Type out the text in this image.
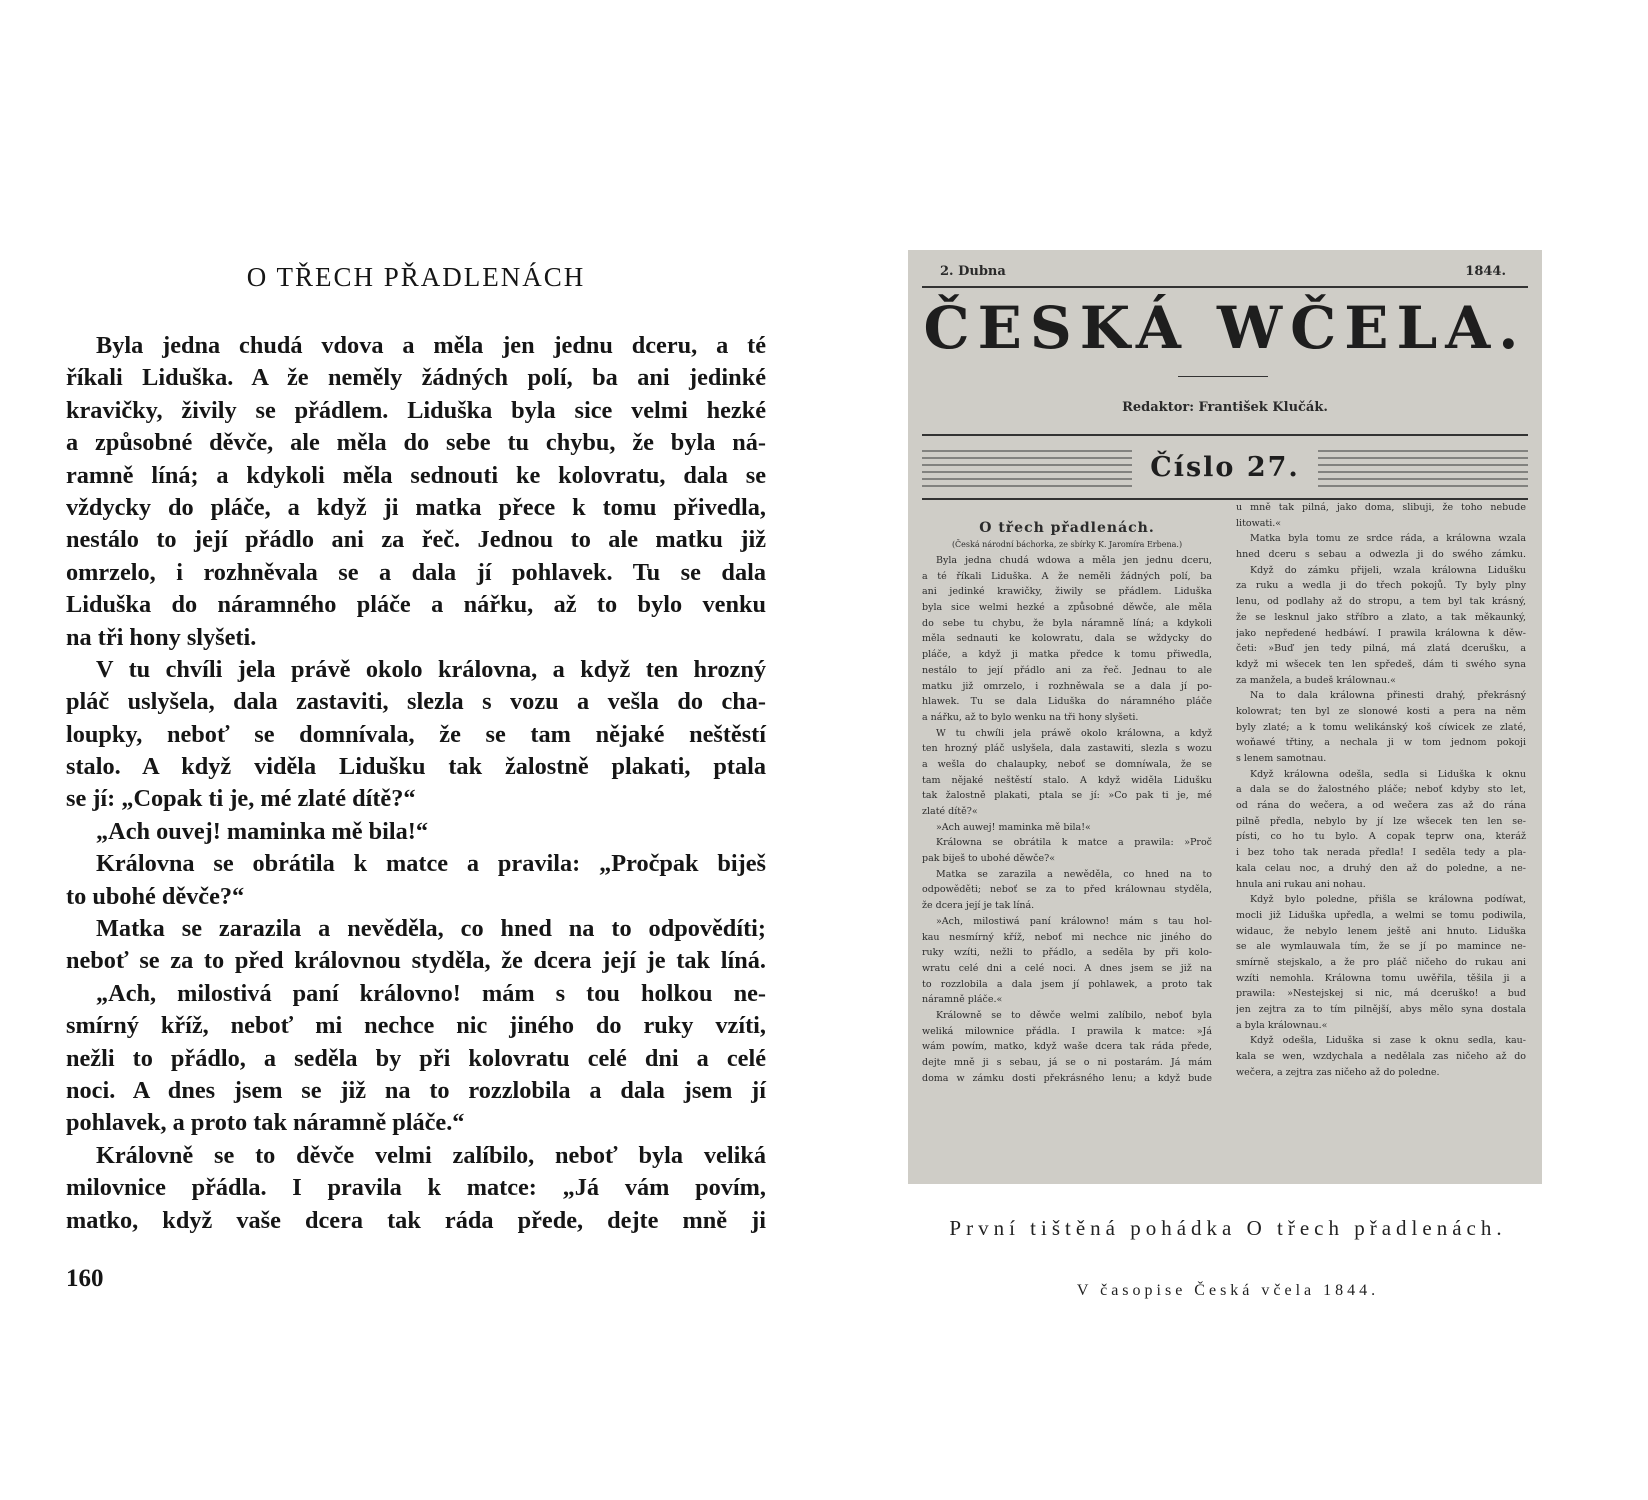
O TŘECH PŘADLENÁCH
Byla jedna chudá vdova a měla jen jednu dceru, a té
říkali Liduška. A že neměly žádných polí, ba ani jedinké
kravičky, živily se přádlem. Liduška byla sice velmi hezké
a způsobné děvče, ale měla do sebe tu chybu, že byla ná-
ramně líná; a kdykoli měla sednouti ke kolovratu, dala se
vždycky do pláče, a když ji matka přece k tomu přivedla,
nestálo to její přádlo ani za řeč. Jednou to ale matku již
omrzelo, i rozhněvala se a dala jí pohlavek. Tu se dala
Liduška do náramného pláče a nářku, až to bylo venku
na tři hony slyšeti.
V tu chvíli jela právě okolo královna, a když ten hrozný
pláč uslyšela, dala zastaviti, slezla s vozu a vešla do cha-
loupky, neboť se domnívala, že se tam nějaké neštěstí
stalo. A když viděla Lidušku tak žalostně plakati, ptala
se jí: „Copak ti je, mé zlaté dítě?“
„Ach ouvej! maminka mě bila!“
Královna se obrátila k matce a pravila: „Pročpak biješ
to ubohé děvče?“
Matka se zarazila a nevěděla, co hned na to odpovědíti;
neboť se za to před královnou styděla, že dcera její je tak líná.
„Ach, milostivá paní královno! mám s tou holkou ne-
smírný kříž, neboť mi nechce nic jiného do ruky vzíti,
nežli to přádlo, a seděla by při kolovratu celé dni a celé
noci. A dnes jsem se již na to rozzlobila a dala jsem jí
pohlavek, a proto tak náramně pláče.“
Královně se to děvče velmi zalíbilo, neboť byla veliká
milovnice přádla. I pravila k matce: „Já vám povím,
matko, když vaše dcera tak ráda přede, dejte mně ji
160
2. Dubna	1844.
ČESKÁ WČELA.
Redaktor: František Klučák.
Číslo 27.
O třech přadlenách.
(Česká národní báchorka, ze sbírky K. Jaromíra Erbena.)
Byla jedna chudá wdowa a měla jen jednu dceru,
a té říkali Liduška. A že neměli žádných polí, ba
ani jedinké krawičky, žiwily se přádlem. Liduška
byla sice welmi hezké a způsobné děwče, ale měla
do sebe tu chybu, že byla náramně líná; a kdykoli
měla sednauti ke kolowratu, dala se wždycky do
pláče, a když ji matka předce k tomu přiwedla,
nestálo to její přádlo ani za řeč. Jednau to ale
matku již omrzelo, i rozhněwala se a dala jí po-
hlawek. Tu se dala Liduška do náramného pláče
a nářku, až to bylo wenku na tři hony slyšeti.
W tu chwíli jela práwě okolo králowna, a když
ten hrozný pláč uslyšela, dala zastawiti, slezla s wozu
a wešla do chalaupky, neboť se domníwala, že se
tam nějaké neštěstí stalo. A když widěla Lidušku
tak žalostně plakati, ptala se jí: »Co pak ti je, mé
zlaté dítě?«
»Ach auwej! maminka mě bila!«
Králowna se obrátila k matce a prawila: »Proč
pak biješ to ubohé děwče?«
Matka se zarazila a newěděla, co hned na to
odpowěděti; neboť se za to před králownau styděla,
že dcera její je tak líná.
»Ach, milostiwá paní králowno! mám s tau hol-
kau nesmírný kříž, neboť mi nechce nic jiného do
ruky wzíti, nežli to přádlo, a seděla by při kolo-
wratu celé dni a celé noci. A dnes jsem se již na
to rozzlobila a dala jsem jí pohlawek, a proto tak
náramně pláče.«
Králowně se to děwče welmi zalíbilo, neboť byla
weliká milownice přádla. I prawila k matce: »Já
wám powím, matko, když waše dcera tak ráda přede,
dejte mně ji s sebau, já se o ni postarám. Já mám
doma w zámku dosti překrásného lenu; a když bude
u mně tak pilná, jako doma, slibuji, že toho nebude
litowati.«
Matka byla tomu ze srdce ráda, a králowna wzala
hned dceru s sebau a odwezla ji do swého zámku.
Když do zámku přijeli, wzala králowna Lidušku
za ruku a wedla ji do třech pokojů. Ty byly plny
lenu, od podlahy až do stropu, a tem byl tak krásný,
že se lesknul jako stříbro a zlato, a tak měkaunký,
jako nepředené hedbáwí. I prawila králowna k děw-
četi: »Buď jen tedy pilná, má zlatá dcerušku, a
když mi wšecek ten len spředeš, dám ti swého syna
za manžela, a budeš králownau.«
Na to dala králowna přinesti drahý, překrásný
kolowrat; ten byl ze slonowé kosti a pera na něm
byly zlaté; a k tomu welikánský koš cíwicek ze zlaté,
woňawé třtiny, a nechala ji w tom jednom pokoji
s lenem samotnau.
Když králowna odešla, sedla si Liduška k oknu
a dala se do žalostného pláče; neboť kdyby sto let,
od rána do wečera, a od wečera zas až do rána
pilně předla, nebylo by jí lze wšecek ten len se-
písti, co ho tu bylo. A copak teprw ona, kteráž
i bez toho tak nerada předla! I seděla tedy a pla-
kala celau noc, a druhý den až do poledne, a ne-
hnula ani rukau ani nohau.
Když bylo poledne, přišla se králowna podíwat,
mocli již Liduška upředla, a welmi se tomu podiwila,
widauc, že nebylo lenem ještě ani hnuto. Liduška
se ale wymlauwala tím, že se jí po mamince ne-
smírně stejskalo, a že pro pláč ničeho do rukau ani
wzíti nemohla. Králowna tomu uwěřila, těšila ji a
prawila: »Nestejskej si nic, má dceruško! a buď
jen zejtra za to tím pilnější, abys mělo syna dostala
a byla králownau.«
Když odešla, Liduška si zase k oknu sedla, kau-
kala se wen, wzdychala a nedělala zas ničeho až do
wečera, a zejtra zas ničeho až do poledne.
První tištěná pohádka O třech přadlenách.
V časopise Česká včela 1844.
